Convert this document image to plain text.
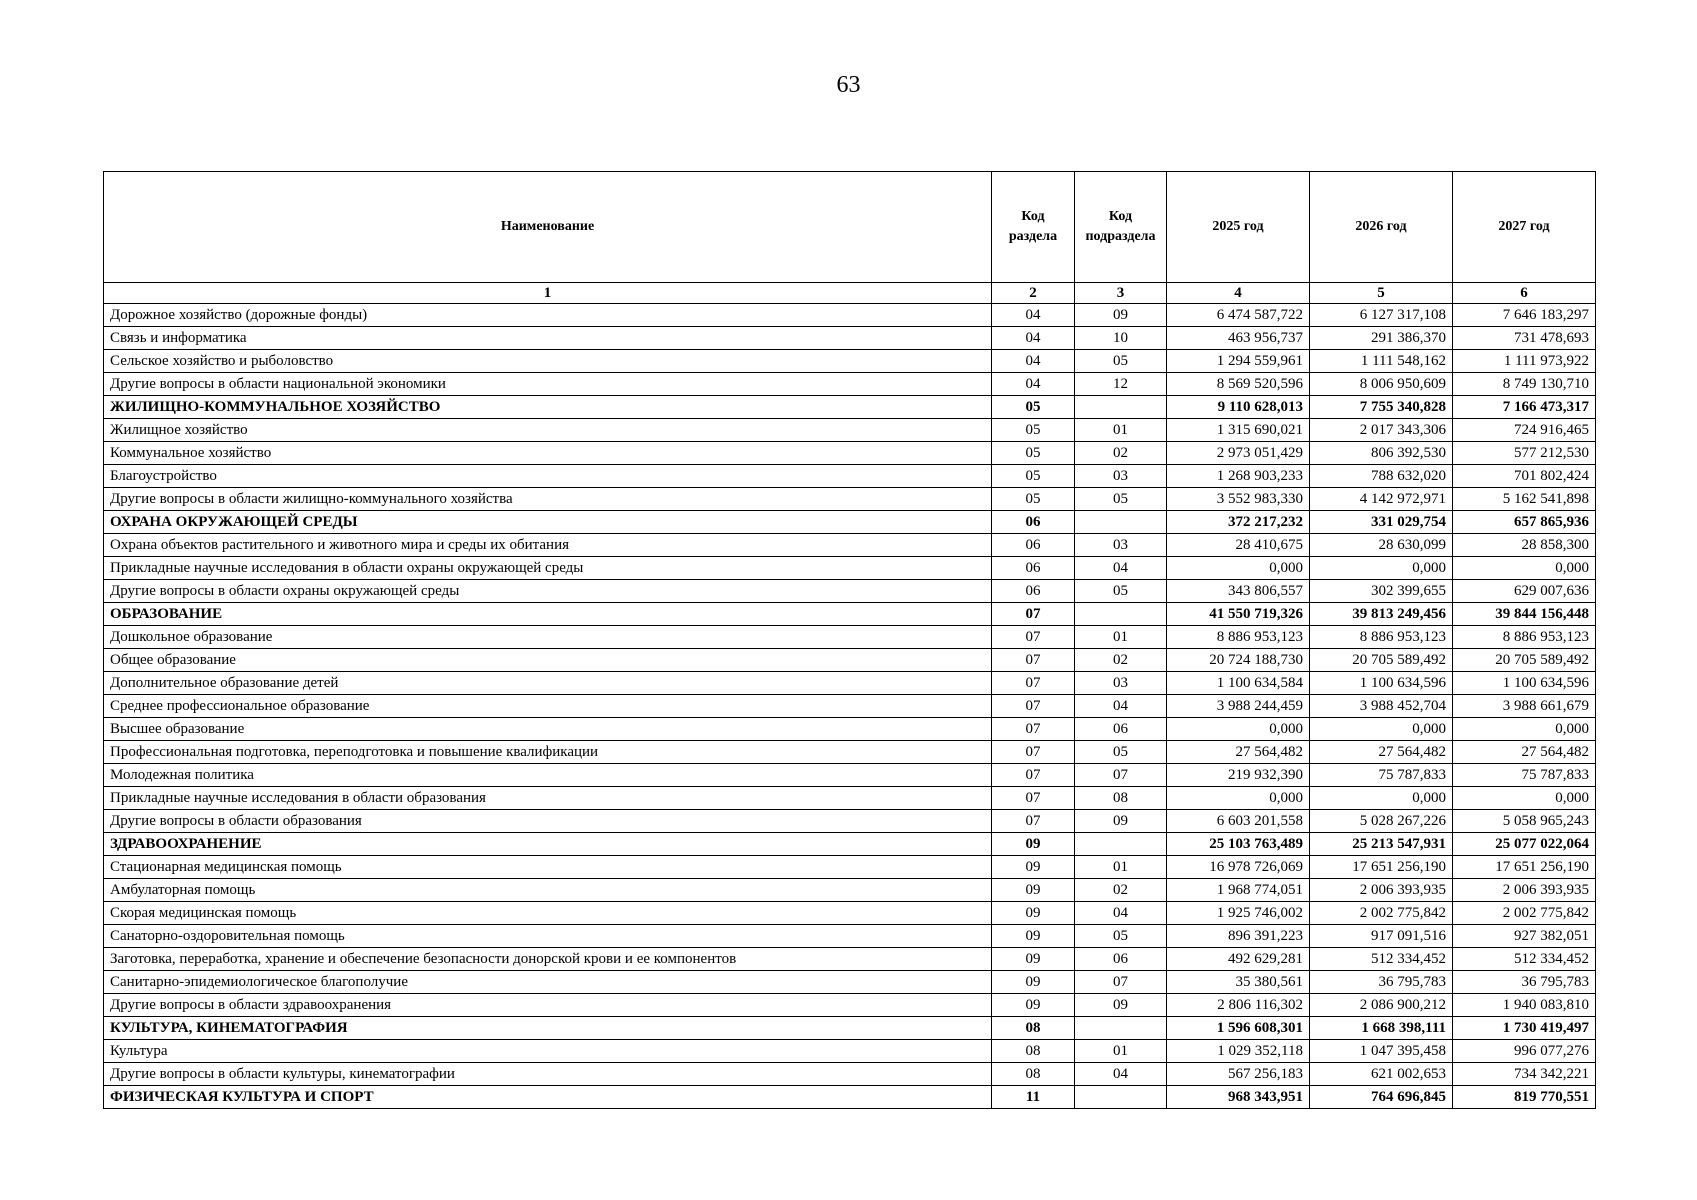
63
Наименование	Код раздела	Код подраздела	2025 год	2026 год	2027 год
1	2	3	4	5	6
Дорожное хозяйство (дорожные фонды)	04	09	6 474 587,722	6 127 317,108	7 646 183,297
Связь и информатика	04	10	463 956,737	291 386,370	731 478,693
Сельское хозяйство и рыболовство	04	05	1 294 559,961	1 111 548,162	1 111 973,922
Другие вопросы в области национальной экономики	04	12	8 569 520,596	8 006 950,609	8 749 130,710
ЖИЛИЩНО-КОММУНАЛЬНОЕ ХОЗЯЙСТВО	05		9 110 628,013	7 755 340,828	7 166 473,317
Жилищное хозяйство	05	01	1 315 690,021	2 017 343,306	724 916,465
Коммунальное хозяйство	05	02	2 973 051,429	806 392,530	577 212,530
Благоустройство	05	03	1 268 903,233	788 632,020	701 802,424
Другие вопросы в области жилищно-коммунального хозяйства	05	05	3 552 983,330	4 142 972,971	5 162 541,898
ОХРАНА ОКРУЖАЮЩЕЙ СРЕДЫ	06		372 217,232	331 029,754	657 865,936
Охрана объектов растительного и животного мира и среды их обитания	06	03	28 410,675	28 630,099	28 858,300
Прикладные научные исследования в области охраны окружающей среды	06	04	0,000	0,000	0,000
Другие вопросы в области охраны окружающей среды	06	05	343 806,557	302 399,655	629 007,636
ОБРАЗОВАНИЕ	07		41 550 719,326	39 813 249,456	39 844 156,448
Дошкольное образование	07	01	8 886 953,123	8 886 953,123	8 886 953,123
Общее образование	07	02	20 724 188,730	20 705 589,492	20 705 589,492
Дополнительное образование детей	07	03	1 100 634,584	1 100 634,596	1 100 634,596
Среднее профессиональное образование	07	04	3 988 244,459	3 988 452,704	3 988 661,679
Высшее образование	07	06	0,000	0,000	0,000
Профессиональная подготовка, переподготовка и повышение квалификации	07	05	27 564,482	27 564,482	27 564,482
Молодежная политика	07	07	219 932,390	75 787,833	75 787,833
Прикладные научные исследования в области образования	07	08	0,000	0,000	0,000
Другие вопросы в области образования	07	09	6 603 201,558	5 028 267,226	5 058 965,243
ЗДРАВООХРАНЕНИЕ	09		25 103 763,489	25 213 547,931	25 077 022,064
Стационарная медицинская помощь	09	01	16 978 726,069	17 651 256,190	17 651 256,190
Амбулаторная помощь	09	02	1 968 774,051	2 006 393,935	2 006 393,935
Скорая медицинская помощь	09	04	1 925 746,002	2 002 775,842	2 002 775,842
Санаторно-оздоровительная помощь	09	05	896 391,223	917 091,516	927 382,051
Заготовка, переработка, хранение и обеспечение безопасности донорской крови и ее компонентов	09	06	492 629,281	512 334,452	512 334,452
Санитарно-эпидемиологическое благополучие	09	07	35 380,561	36 795,783	36 795,783
Другие вопросы в области здравоохранения	09	09	2 806 116,302	2 086 900,212	1 940 083,810
КУЛЬТУРА, КИНЕМАТОГРАФИЯ	08		1 596 608,301	1 668 398,111	1 730 419,497
Культура	08	01	1 029 352,118	1 047 395,458	996 077,276
Другие вопросы в области культуры, кинематографии	08	04	567 256,183	621 002,653	734 342,221
ФИЗИЧЕСКАЯ КУЛЬТУРА И СПОРТ	11		968 343,951	764 696,845	819 770,551
